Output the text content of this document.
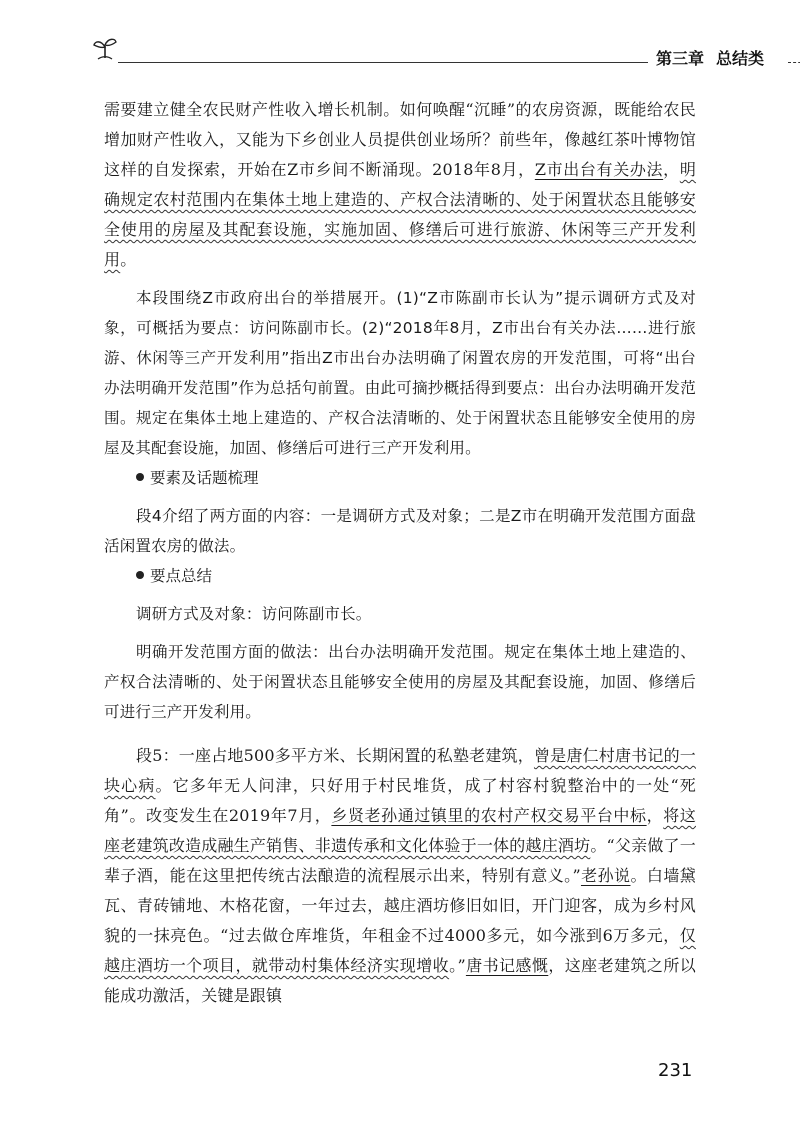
第三章 总结类

需要建立健全农民财产性收入增长机制。如何唤醒“沉睡”的农房资源，既能给农民增加财产性收入，又能为下乡创业人员提供创业场所？前些年，像越红茶叶博物馆这样的自发探索，开始在Z市乡间不断涌现。2018年8月，Z市出台有关办法，明确规定农村范围内在集体土地上建造的、产权合法清晰的、处于闲置状态且能够安全使用的房屋及其配套设施，实施加固、修缮后可进行旅游、休闲等三产开发利用。

本段围绕Z市政府出台的举措展开。(1)“Z市陈副市长认为”提示调研方式及对象，可概括为要点：访问陈副市长。(2)“2018年8月，Z市出台有关办法……进行旅游、休闲等三产开发利用”指出Z市出台办法明确了闲置农房的开发范围，可将“出台办法明确开发范围”作为总括句前置。由此可摘抄概括得到要点：出台办法明确开发范围。规定在集体土地上建造的、产权合法清晰的、处于闲置状态且能够安全使用的房屋及其配套设施，加固、修缮后可进行三产开发利用。

要素及话题梳理

段4介绍了两方面的内容：一是调研方式及对象；二是Z市在明确开发范围方面盘活闲置农房的做法。

要点总结

调研方式及对象：访问陈副市长。

明确开发范围方面的做法：出台办法明确开发范围。规定在集体土地上建造的、产权合法清晰的、处于闲置状态且能够安全使用的房屋及其配套设施，加固、修缮后可进行三产开发利用。

段5：一座占地500多平方米、长期闲置的私塾老建筑，曾是唐仁村唐书记的一块心病。它多年无人问津，只好用于村民堆货，成了村容村貌整治中的一处“死角”。改变发生在2019年7月，乡贤老孙通过镇里的农村产权交易平台中标，将这座老建筑改造成融生产销售、非遗传承和文化体验于一体的越庄酒坊。“父亲做了一辈子酒，能在这里把传统古法酿造的流程展示出来，特别有意义。”老孙说。白墙黛瓦、青砖铺地、木格花窗，一年过去，越庄酒坊修旧如旧，开门迎客，成为乡村风貌的一抹亮色。“过去做仓库堆货，年租金不过4000多元，如今涨到6万多元，仅越庄酒坊一个项目，就带动村集体经济实现增收。”唐书记感慨，这座老建筑之所以能成功激活，关键是跟镇

231
